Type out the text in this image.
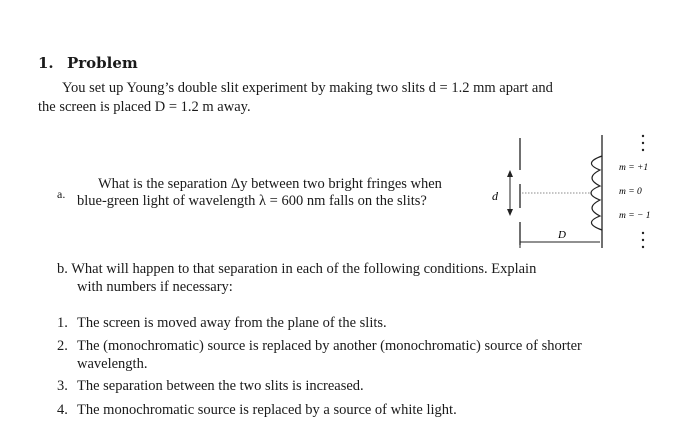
1. Problem
You set up Young’s double slit experiment by making two slits d = 1.2 mm apart and
the screen is placed D = 1.2 m away.
a.
What is the separation Δy between two bright fringes when
blue-green light of wavelength λ = 600 nm falls on the slits?	d
D
m = +1
m = 0
m = − 1
b. What will happen to that separation in each of the following conditions. Explain
with numbers if necessary:
1. The screen is moved away from the plane of the slits.
2. The (monochromatic) source is replaced by another (monochromatic) source of shorter
wavelength.
3. The separation between the two slits is increased.
4. The monochromatic source is replaced by a source of white light.
